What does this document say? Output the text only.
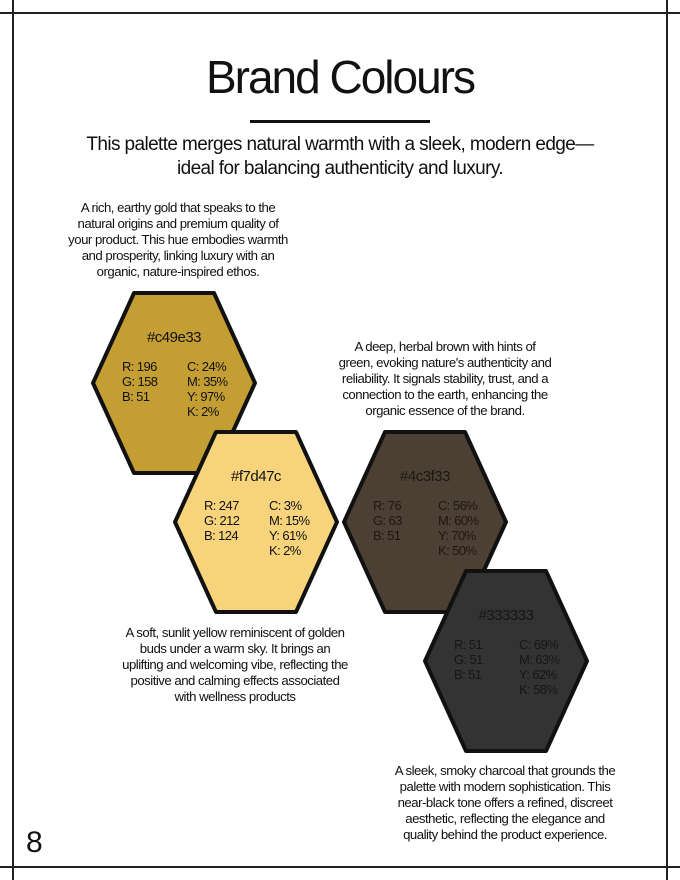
Brand Colours
This palette merges natural warmth with a sleek, modern edge—
ideal for balancing authenticity and luxury.
#c49e33
R: 196
G: 158
B: 51
C: 24%
M: 35%
Y: 97%
K: 2%
#f7d47c
R: 247
G: 212
B: 124
C: 3%
M: 15%
Y: 61%
K: 2%
#4c3f33
R: 76
G: 63
B: 51
C: 56%
M: 60%
Y: 70%
K: 50%
#333333
R: 51
G: 51
B: 51
C: 69%
M: 63%
Y: 62%
K: 58%
A rich, earthy gold that speaks to the
natural origins and premium quality of
your product. This hue embodies warmth
and prosperity, linking luxury with an
organic, nature-inspired ethos.
A deep, herbal brown with hints of
green, evoking nature's authenticity and
reliability. It signals stability, trust, and a
connection to the earth, enhancing the
organic essence of the brand.
A soft, sunlit yellow reminiscent of golden
buds under a warm sky. It brings an
uplifting and welcoming vibe, reflecting the
positive and calming effects associated
with wellness products
A sleek, smoky charcoal that grounds the
palette with modern sophistication. This
near-black tone offers a refined, discreet
aesthetic, reflecting the elegance and
quality behind the product experience.
8
